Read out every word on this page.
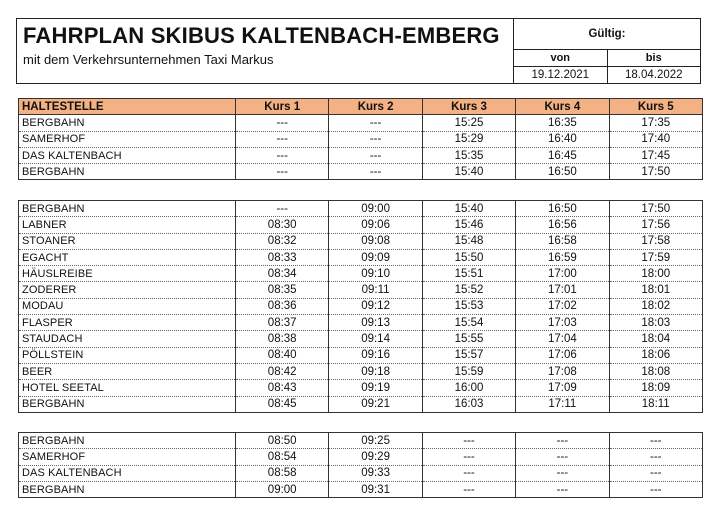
FAHRPLAN SKIBUS KALTENBACH-EMBERG
mit dem Verkehrsunternehmen Taxi Markus
Gültig:
von
19.12.2021
bis
18.04.2022
HALTESTELLE	Kurs 1	Kurs 2	Kurs 3	Kurs 4	Kurs 5
BERGBAHN	---	---	15:25	16:35	17:35
SAMERHOF	---	---	15:29	16:40	17:40
DAS KALTENBACH	---	---	15:35	16:45	17:45
BERGBAHN	---	---	15:40	16:50	17:50
BERGBAHN	---	09:00	15:40	16:50	17:50
LABNER	08:30	09:06	15:46	16:56	17:56
STOANER	08:32	09:08	15:48	16:58	17:58
EGACHT	08:33	09:09	15:50	16:59	17:59
HÄUSLREIBE	08:34	09:10	15:51	17:00	18:00
ZODERER	08:35	09:11	15:52	17:01	18:01
MODAU	08:36	09:12	15:53	17:02	18:02
FLASPER	08:37	09:13	15:54	17:03	18:03
STAUDACH	08:38	09:14	15:55	17:04	18:04
PÖLLSTEIN	08:40	09:16	15:57	17:06	18:06
BEER	08:42	09:18	15:59	17:08	18:08
HOTEL SEETAL	08:43	09:19	16:00	17:09	18:09
BERGBAHN	08:45	09:21	16:03	17:11	18:11
BERGBAHN	08:50	09:25	---	---	---
SAMERHOF	08:54	09:29	---	---	---
DAS KALTENBACH	08:58	09:33	---	---	---
BERGBAHN	09:00	09:31	---	---	---
